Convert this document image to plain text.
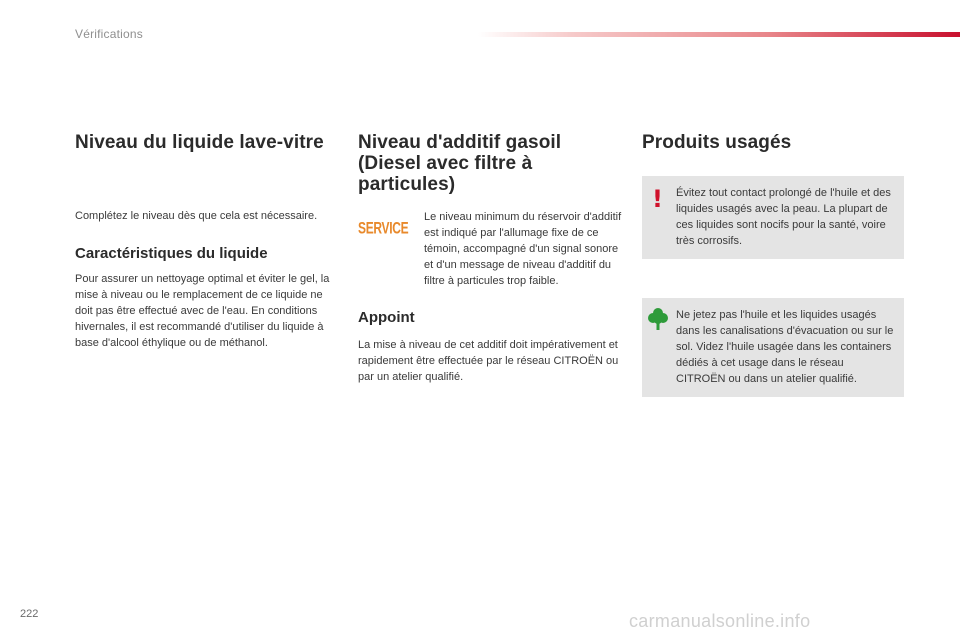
Vérifications
Niveau du liquide lave-vitre

Complétez le niveau dès que cela est nécessaire.

Caractéristiques du liquide

Pour assurer un nettoyage optimal et éviter le gel, la mise à niveau ou le remplacement de ce liquide ne doit pas être effectué avec de l'eau. En conditions hivernales, il est recommandé d'utiliser du liquide à base d'alcool éthylique ou de méthanol.

Niveau d'additif gasoil (Diesel avec filtre à particules)
SERVICE

Le niveau minimum du réservoir d'additif est indiqué par l'allumage fixe de ce témoin, accompagné d'un signal sonore et d'un message de niveau d'additif du filtre à particules trop faible.

Appoint

La mise à niveau de cet additif doit impérativement et rapidement être effectuée par le réseau CITROËN ou par un atelier qualifié.

Produits usagés
!	Évitez tout contact prolongé de l'huile et des liquides usagés avec la peau. La plupart de ces liquides sont nocifs pour la santé, voire très corrosifs.

Ne jetez pas l'huile et les liquides usagés dans les canalisations d'évacuation ou sur le sol. Videz l'huile usagée dans les containers dédiés à cet usage dans le réseau CITROËN ou dans un atelier qualifié.

222	carmanualsonline.info
